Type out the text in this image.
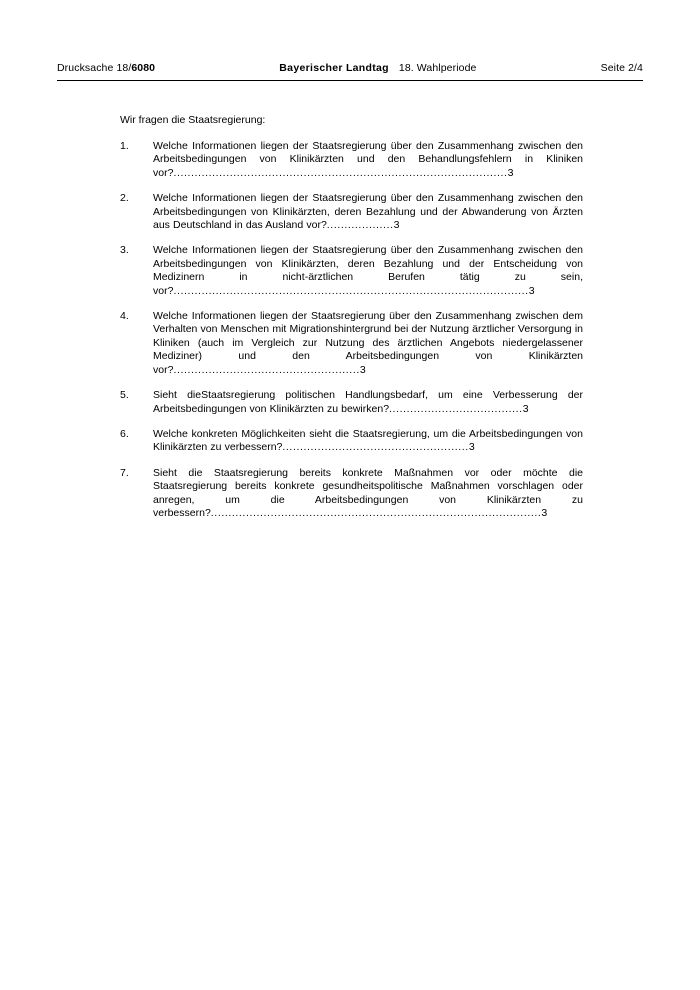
Drucksache 18/6080	Bayerischer Landtag 18. Wahlperiode	Seite 2/4
Wir fragen die Staatsregierung:
1.	Welche Informationen liegen der Staatsregierung über den Zusammenhang zwischen den Arbeitsbedingungen von Klinikärzten und den Behandlungsfehlern in Kliniken vor?...............................................................................................3
2.	Welche Informationen liegen der Staatsregierung über den Zusammenhang zwischen den Arbeitsbedingungen von Klinikärzten, deren Bezahlung und der Abwanderung von Ärzten aus Deutschland in das Ausland vor?...................3
3.	Welche Informationen liegen der Staatsregierung über den Zusammenhang zwischen den Arbeitsbedingungen von Klinikärzten, deren Bezahlung und der Entscheidung von Medizinern in nicht-ärztlichen Berufen tätig zu sein, vor?.....................................................................................................3
4.	Welche Informationen liegen der Staatsregierung über den Zusammenhang zwischen dem Verhalten von Menschen mit Migrationshintergrund bei der Nutzung ärztlicher Versorgung in Kliniken (auch im Vergleich zur Nutzung des ärztlichen Angebots niedergelassener Mediziner) und den Arbeitsbedingungen von Klinikärzten vor?.....................................................3
5.	Sieht dieStaatsregierung politischen Handlungsbedarf, um eine Verbesserung der Arbeitsbedingungen von Klinikärzten zu bewirken?......................................3
6.	Welche konkreten Möglichkeiten sieht die Staatsregierung, um die Arbeitsbedingungen von Klinikärzten zu verbessern?.....................................................3
7.	Sieht die Staatsregierung bereits konkrete Maßnahmen vor oder möchte die Staatsregierung bereits konkrete gesundheitspolitische Maßnahmen vorschlagen oder anregen, um die Arbeitsbedingungen von Klinikärzten zu verbessern?..............................................................................................3
